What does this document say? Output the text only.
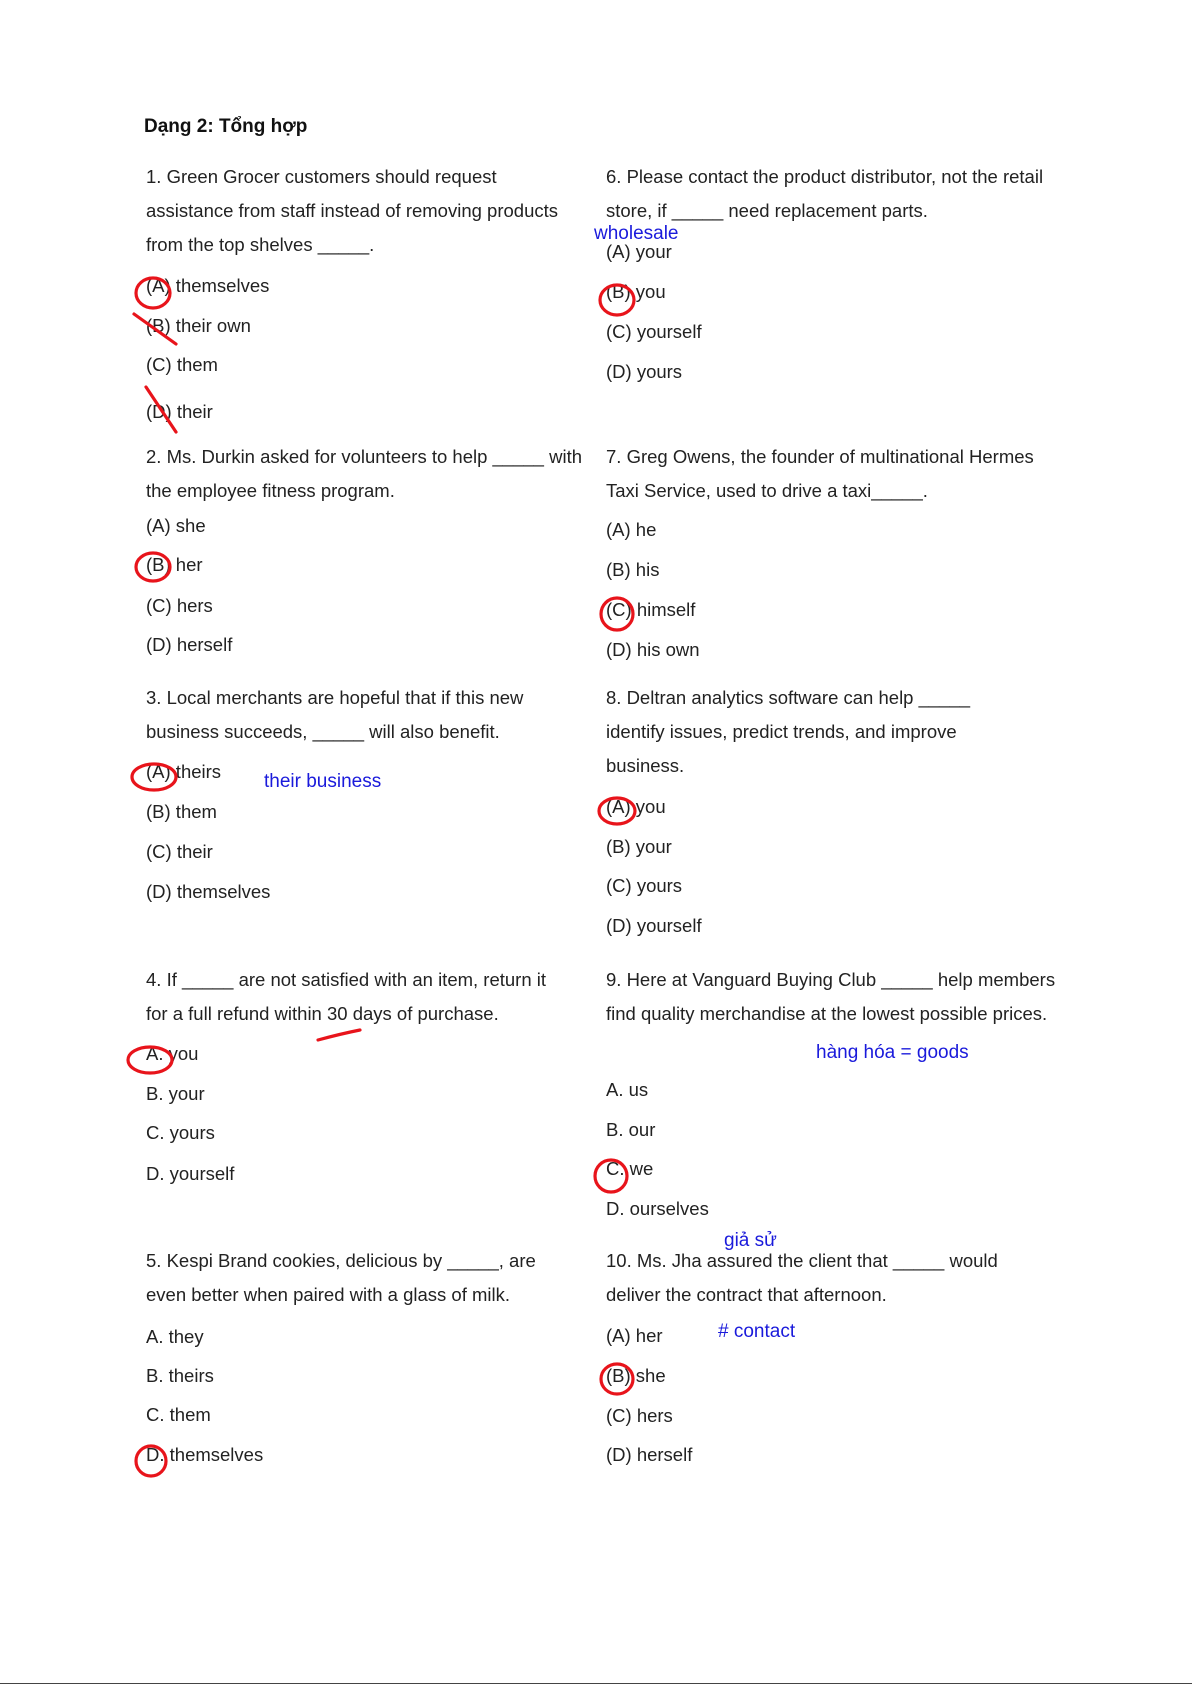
Dạng 2: Tổng hợp

1. Green Grocer customers should request assistance from staff instead of removing products from the top shelves _____.

2. Ms. Durkin asked for volunteers to help _____ with the employee fitness program.

3. Local merchants are hopeful that if this new business succeeds, _____ will also benefit.

4. If _____ are not satisfied with an item, return it for a full refund within 30 days of purchase.

5. Kespi Brand cookies, delicious by _____, are even better when paired with a glass of milk.

6. Please contact the product distributor, not the retail store, if _____ need replacement parts.

7. Greg Owens, the founder of multinational Hermes Taxi Service, used to drive a taxi_____.

8. Deltran analytics software can help _____ identify issues, predict trends, and improve business.

9. Here at Vanguard Buying Club _____ help members find quality merchandise at the lowest possible prices.

10. Ms. Jha assured the client that _____ would deliver the contract that afternoon.

(A) themselves
(B) their own
(C) them
(D) their
(A) she
(B) her
(C) hers
(D) herself
(A) theirs
(B) them
(C) their
(D) themselves
A. you
B. your
C. yours
D. yourself
A. they
B. theirs
C. them
D. themselves
(A) your
(B) you
(C) yourself
(D) yours
(A) he
(B) his
(C) himself
(D) his own
(A) you
(B) your
(C) yours
(D) yourself
A. us
B. our
C. we
D. ourselves
(A) her
(B) she
(C) hers
(D) herself
wholesale
their business
hàng hóa = goods
giả sử
# contact
